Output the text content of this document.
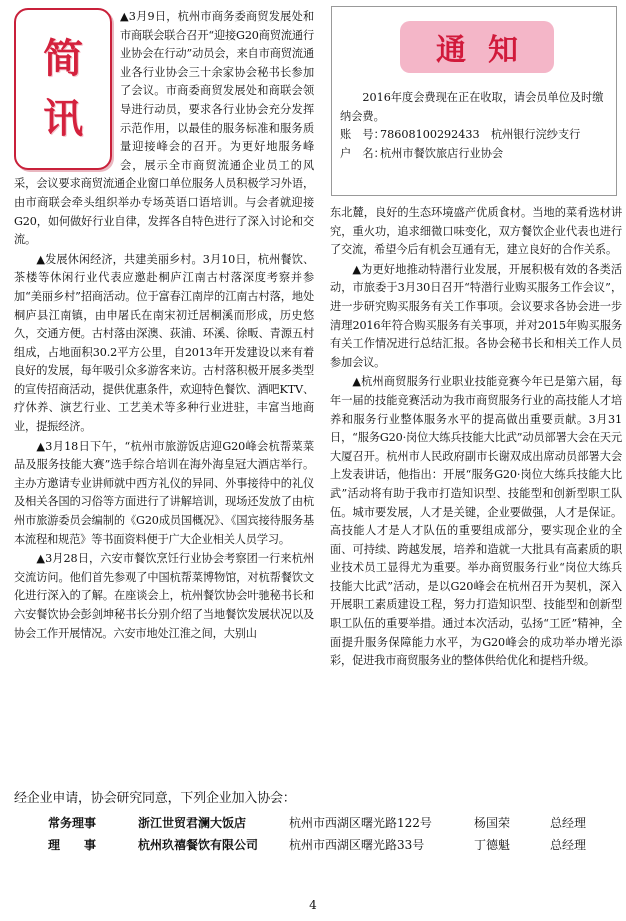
通知

2016年度会费现在正在收取，请会员单位及时缴纳会费。

账　号：78608100292433　杭州银行浣纱支行

户　名：杭州市餐饮旅店行业协会

简
讯

▲3月9日，杭州市商务委商贸发展处和市商联会联合召开“迎接G20商贸流通行业协会在行动”动员会，来自市商贸流通业各行业协会三十余家协会秘书长参加了会议。市商委商贸发展处和商联会领导进行动员，要求各行业协会充分发挥示范作用，以最佳的服务标准和服务质量迎接峰会的召开。为更好地服务峰会，展示全市商贸流通企业员工的风采，会议要求商贸流通企业窗口单位服务人员积极学习外语，由市商联会牵头组织举办专场英语口语培训。与会者就迎接G20，如何做好行业自律，发挥各自特色进行了深入讨论和交流。

▲发展休闲经济，共建美丽乡村。3月10日，杭州餐饮、茶楼等休闲行业代表应邀赴桐庐江南古村落深度考察并参加“美丽乡村”招商活动。位于富春江南岸的江南古村落，地处桐庐县江南镇，由申屠氏在南宋初迁居桐溪而形成，历史悠久，交通方便。古村落由深澳、荻浦、环溪、徐畈、青源五村组成，占地面积30.2平方公里，自2013年开发建设以来有着良好的发展，每年吸引众多游客来访。古村落积极开展多类型的宣传招商活动，提供优惠条件，欢迎特色餐饮、酒吧KTV、疗休养、演艺行业、工艺美术等多种行业进驻，丰富当地商业，提振经济。

▲3月18日下午，“杭州市旅游饭店迎G20峰会杭帮菜菜品及服务技能大赛”选手综合培训在海外海皇冠大酒店举行。主办方邀请专业讲师就中西方礼仪的异同、外事接待中的礼仪及相关各国的习俗等方面进行了讲解培训，现场还发放了由杭州市旅游委员会编制的《G20成员国概况》、《国宾接待服务基本流程和规范》等书面资料便于广大企业相关人员学习。

▲3月28日，六安市餐饮烹饪行业协会考察团一行来杭州交流访问。他们首先参观了中国杭帮菜博物馆，对杭帮餐饮文化进行深入的了解。在座谈会上，杭州餐饮协会叶驰秘书长和六安餐饮协会彭剑坤秘书长分别介绍了当地餐饮发展状况以及协会工作开展情况。六安市地处江淮之间，大别山

东北麓，良好的生态环境盛产优质食材。当地的菜肴选材讲究，重火功，追求细微口味变化，双方餐饮企业代表也进行了交流，希望今后有机会互通有无，建立良好的合作关系。

▲为更好地推动特潜行业发展，开展积极有效的各类活动，市旅委于3月30日召开“特潜行业购买服务工作会议”，进一步研究购买服务有关工作事项。会议要求各协会进一步清理2016年符合购买服务有关事项，并对2015年购买服务有关工作情况进行总结汇报。各协会秘书长和相关工作人员参加会议。

▲杭州商贸服务行业职业技能竞赛今年已是第六届，每年一届的技能竞赛活动为我市商贸服务行业的高技能人才培养和服务行业整体服务水平的提高做出重要贡献。3月31日，“服务G20·岗位大练兵技能大比武”动员部署大会在天元大厦召开。杭州市人民政府副市长谢双成出席动员部署大会上发表讲话，他指出：开展“服务G20·岗位大练兵技能大比武”活动将有助于我市打造知识型、技能型和创新型职工队伍。城市要发展，人才是关键，企业要做强，人才是保证。高技能人才是人才队伍的重要组成部分，要实现企业的全面、可持续、跨越发展，培养和造就一大批具有高素质的职业技术员工显得尤为重要。举办商贸服务行业“岗位大练兵技能大比武”活动，是以G20峰会在杭州召开为契机，深入开展职工素质建设工程，努力打造知识型、技能型和创新型职工队伍的重要举措。通过本次活动，弘扬“工匠”精神，全面提升服务保障能力水平，为G20峰会的成功举办增光添彩，促进我市商贸服务业的整体供给优化和提档升级。

经企业申请，协会研究同意，下列企业加入协会：

常务理事	浙江世贸君澜大饭店	杭州市西湖区曙光路122号	杨国荣	总经理
理　　事	杭州玖禧餐饮有限公司	杭州市西湖区曙光路33号	丁德魁	总经理
4
